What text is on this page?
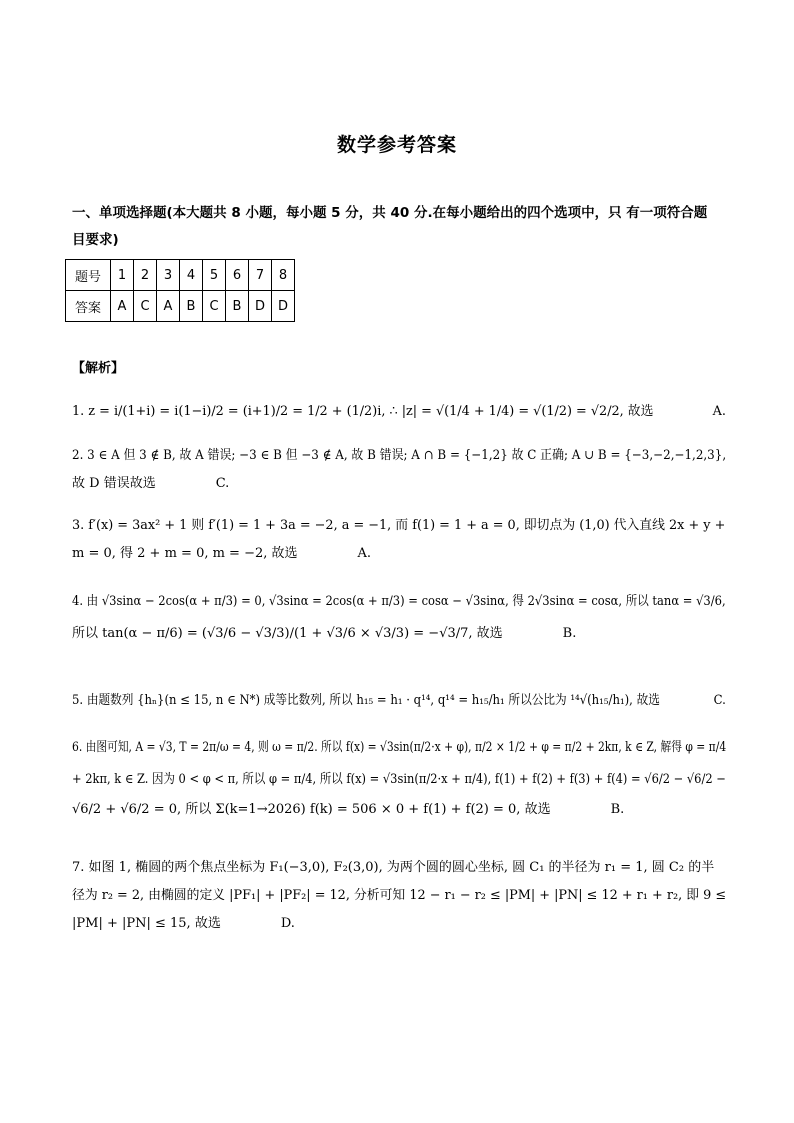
数学参考答案
一、单项选择题(本大题共 8 小题，每小题 5 分，共 40 分.在每小题给出的四个选项中，只 有一项符合题
目要求)
题号	1	2	3	4	5	6	7	8
答案	A	C	A	B	C	B	D	D
【解析】
1. z = i/(1+i) = i(1−i)/2 = (i+1)/2 = 1/2 + (1/2)i, ∴ |z| = √(1/4 + 1/4) = √(1/2) = √2/2, 故选	A.
2. 3 ∈ A 但 3 ∉ B, 故 A 错误; −3 ∈ B 但 −3 ∉ A, 故 B 错误; A ∩ B = {−1,2} 故 C 正确; A ∪ B = {−3,−2,−1,2,3},
故 D 错误故选	C.
3. f′(x) = 3ax² + 1 则 f′(1) = 1 + 3a = −2, a = −1, 而 f(1) = 1 + a = 0, 即切点为 (1,0) 代入直线 2x + y +
m = 0, 得 2 + m = 0, m = −2, 故选	A.
4. 由 √3sinα − 2cos(α + π/3) = 0, √3sinα = 2cos(α + π/3) = cosα − √3sinα, 得 2√3sinα = cosα, 所以 tanα = √3/6,
所以 tan(α − π/6) = (√3/6 − √3/3)/(1 + √3/6 × √3/3) = −√3/7, 故选	B.
5. 由题数列 {hₙ}(n ≤ 15, n ∈ N*) 成等比数列, 所以 h₁₅ = h₁ · q¹⁴, q¹⁴ = h₁₅/h₁ 所以公比为 ¹⁴√(h₁₅/h₁), 故选	C.
6. 由图可知, A = √3, T = 2π/ω = 4, 则 ω = π/2. 所以 f(x) = √3sin(π/2·x + φ), π/2 × 1/2 + φ = π/2 + 2kπ, k ∈ Z, 解得 φ = π/4
+ 2kπ, k ∈ Z. 因为 0 < φ < π, 所以 φ = π/4, 所以 f(x) = √3sin(π/2·x + π/4), f(1) + f(2) + f(3) + f(4) = √6/2 − √6/2 −
√6/2 + √6/2 = 0, 所以 Σ(k=1→2026) f(k) = 506 × 0 + f(1) + f(2) = 0, 故选	B.
7. 如图 1, 椭圆的两个焦点坐标为 F₁(−3,0), F₂(3,0), 为两个圆的圆心坐标, 圆 C₁ 的半径为 r₁ = 1, 圆 C₂ 的半
径为 r₂ = 2, 由椭圆的定义 |PF₁| + |PF₂| = 12, 分析可知 12 − r₁ − r₂ ≤ |PM| + |PN| ≤ 12 + r₁ + r₂, 即 9 ≤
|PM| + |PN| ≤ 15, 故选	D.
